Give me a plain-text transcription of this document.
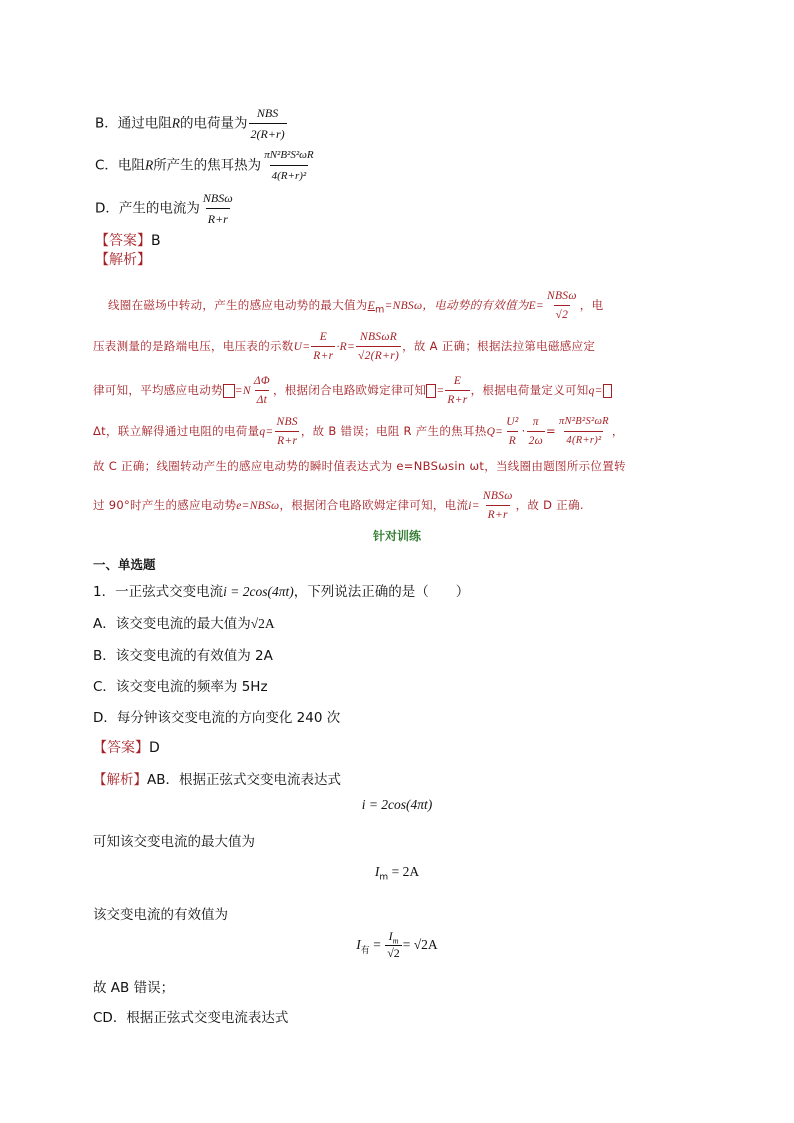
B．通过电阻R的电荷量为 $\frac{\text{NBS}}{2(R+r)}$
C．电阻R所产生的焦耳热为 $\frac{\text{πN²B²S²ωR}}{\text{4(R+r)²}}$
D．产生的电流为 $\frac{\text{NBSω}}{R+r}$
【答案】B
【解析】
线圈在磁场中转动，产生的感应电动势的最大值为$E_m=NBS\omega$，电动势的有效值为$E= \frac{\text{NBSω}}{√2}$ ，电
压表测量的是路端电压，电压表的示数$U= \frac{E}{R+r} \cdot R= \frac{\text{NBSωR}}{√2(R+r)}$ ，故 A 正确；根据法拉第电磁感应定
律可知，平均感应电动势 $=N \frac{\Delta\Phi}{\Delta t}$ ，根据闭合电路欧姆定律可知 = $\frac{E}{R+r}$ ，根据电荷量定义可知q=
Δt，联立解得通过电阻的电荷量$q= \frac{\text{NBS}}{R+r}$ ，故 B 错误；电阻 R 产生的焦耳热$Q= \frac{\text{U²}}{R} \cdot \frac{\pi}{2\omega} = \frac{\text{πN²B²S²ωR}}{\text{4(R+r)²}}$ ，
故 C 正确；线圈转动产生的感应电动势的瞬时值表达式为 e=NBSωsin ωt，当线圈由题图所示位置转
过 90°时产生的感应电动势e=NBSω，根据闭合电路欧姆定律可知，电流$i= \frac{\text{NBSω}}{R+r}$ ，故 D 正确.
针对训练
一、单选题
1．一正弦式交变电流i = 2cos(4πt)，下列说法正确的是（　　）
A．该交变电流的最大值为√2A
B．该交变电流的有效值为 2A
C．该交变电流的频率为 5Hz
D．每分钟该交变电流的方向变化 240 次
【答案】D
【解析】AB．根据正弦式交变电流表达式
i = 2cos(4πt)
可知该交变电流的最大值为
$I_m = 2A$
该交变电流的有效值为
$I_有 = \frac{I_m}{√2} = √2A$
故 AB 错误；
CD．根据正弦式交变电流表达式
